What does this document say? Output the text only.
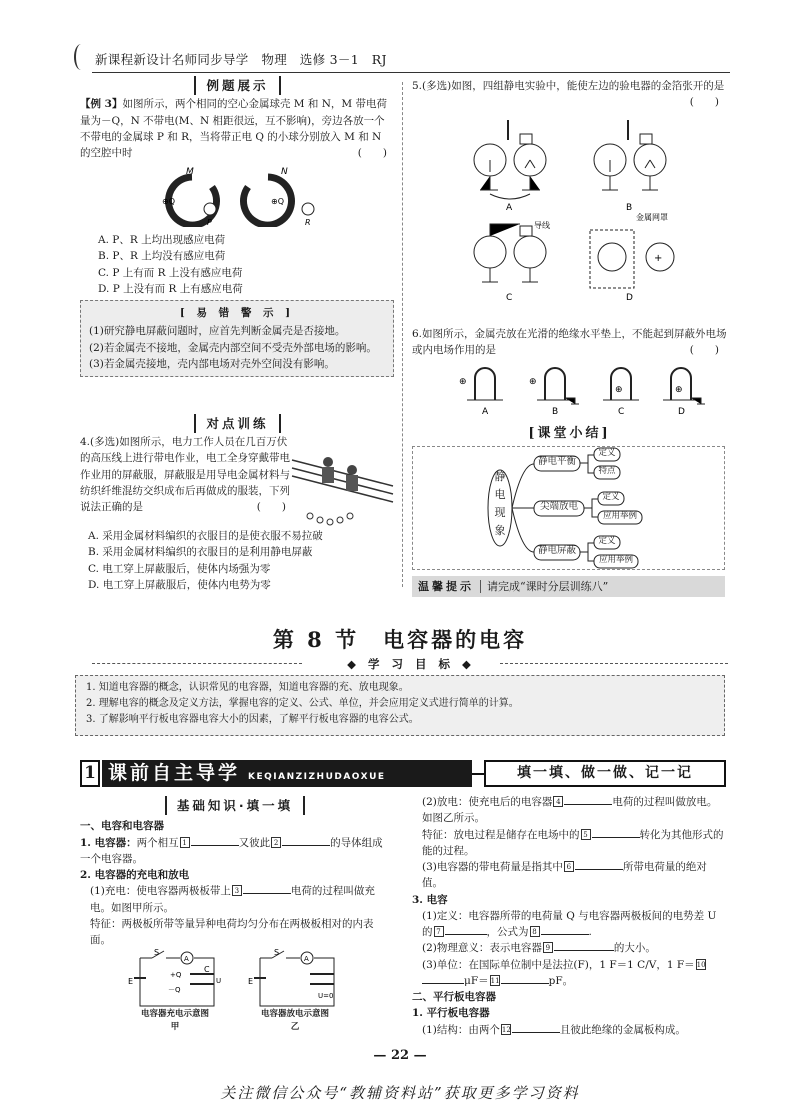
新课程新设计名师同步导学　物理　选修 3－1　RJ
例题展示
【例 3】如图所示，两个相同的空心金属球壳 M 和 N，M 带电荷量为－Q，N 不带电(M、N 相距很远，互不影响)，旁边各放一个不带电的金属球 P 和 R，当将带正电 Q 的小球分别放入 M 和 N 的空腔中时	(　　)
M
⊕Q
P
N
⊕Q
R
A. P、R 上均出现感应电荷
B. P、R 上均没有感应电荷
C. P 上有而 R 上没有感应电荷
D. P 上没有而 R 上有感应电荷
[ 易 错 警 示 ]
(1)研究静电屏蔽问题时，应首先判断金属壳是否接地。
(2)若金属壳不接地，金属壳内部空间不受壳外部电场的影响。
(3)若金属壳接地，壳内部电场对壳外空间没有影响。
对点训练
4.(多选)如图所示，电力工作人员在几百万伏的高压线上进行带电作业，电工全身穿戴带电作业用的屏蔽服，屏蔽服是用导电金属材料与纺织纤维混纺交织成布后再做成的服装，下列说法正确的是	(　　)
A. 采用金属材料编织的衣服目的是使衣服不易拉破
B. 采用金属材料编织的衣服目的是利用静电屏蔽
C. 电工穿上屏蔽服后，使体内场强为零
D. 电工穿上屏蔽服后，使体内电势为零
5.(多选)如图，四组静电实验中，能使左边的验电器的金箔张开的是
(　　)
A	B
导线
C
+
金属网罩
D
6.如图所示，金属壳放在光滑的绝缘水平垫上，不能起到屏蔽外电场或内电场作用的是	(　　)
⊕
A
⊕
B
⊕
C
⊕
D
[课堂小结]
静电现象
静电平衡
尖端放电
静电屏蔽
定义
特点
定义
应用举例
定义
应用举例
温馨提示 请完成“课时分层训练八”
第 8 节　电容器的电容
◆ 学 习 目 标 ◆
1. 知道电容器的概念，认识常见的电容器，知道电容器的充、放电现象。
2. 理解电容的概念及定义方法，掌握电容的定义、公式、单位，并会应用定义式进行简单的计算。
3. 了解影响平行板电容器电容大小的因素，了解平行板电容器的电容公式。
1 课前自主导学 KEQIANZIZHUDAOXUE	填一填、做一做、记一记
基础知识·填一填
一、电容和电容器
1. 电容器：两个相互 1	又彼此 2	的导体组成一个电容器。
2. 电容器的充电和放电
(1)充电：使电容器两极板带上 3	电荷的过程叫做充电。如图甲所示。
特征：两极板所带等量异种电荷均匀分布在两极板相对的内表面。
S
A
C
+Q
－Q
U
E
S
A
U=0
E
电容器充电示意图
甲
电容器放电示意图
乙
(2)放电：使充电后的电容器 4	电荷的过程叫做放电。如图乙所示。
特征：放电过程是储存在电场中的 5	转化为其他形式的能的过程。
(3)电容器的带电荷量是指其中 6	所带电荷量的绝对值。
3. 电容
(1)定义：电容器所带的电荷量 Q 与电容器两极板间的电势差 U 的 7	，公式为 8	.
(2)物理意义：表示电容器 9	的大小。
(3)单位：在国际单位制中是法拉(F)，1 F＝1 C/V，1 F＝ 10μF＝ 11	pF。
二、平行板电容器
1. 平行板电容器
(1)结构：由两个 12	且彼此绝缘的金属板构成。
— 22 —
关注微信公众号“教辅资料站”获取更多学习资料
